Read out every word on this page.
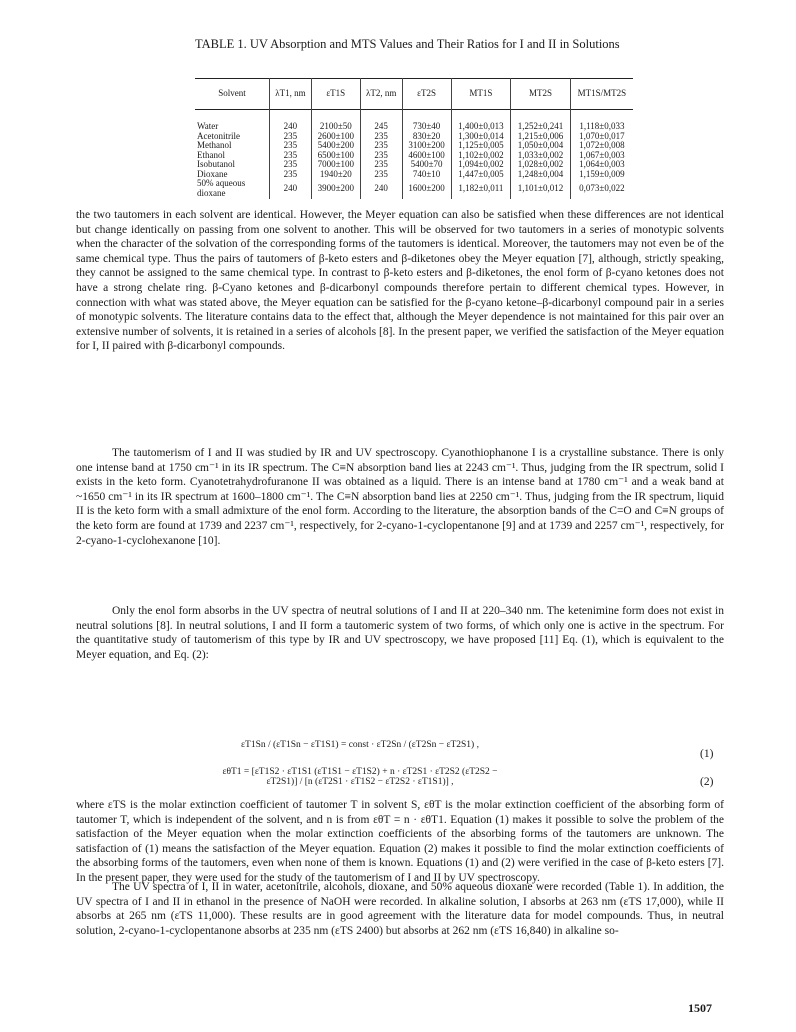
TABLE 1. UV Absorption and MTS Values and Their Ratios for I and II in Solutions
Solvent	λT1, nm	εT1S	λT2, nm	εT2S	MT1S	MT2S	MT1S/MT2S
Water	240	2100±50	245	730±40	1,400±0,013	1,252±0,241	1,118±0,033
Acetonitrile	235	2600±100	235	830±20	1,300±0,014	1,215±0,006	1,070±0,017
Methanol	235	5400±200	235	3100±200	1,125±0,005	1,050±0,004	1,072±0,008
Ethanol	235	6500±100	235	4600±100	1,102±0,002	1,033±0,002	1,067±0,003
Isobutanol	235	7000±100	235	5400±70	1,094±0,002	1,028±0,002	1,064±0,003
Dioxane	235	1940±20	235	740±10	1,447±0,005	1,248±0,004	1,159±0,009
50% aqueous dioxane	240	3900±200	240	1600±200	1,182±0,011	1,101±0,012	0,073±0,022
the two tautomers in each solvent are identical. However, the Meyer equation can also be satisfied when these differences are not identical but change identically on passing from one solvent to another. This will be observed for two tautomers in a series of monotypic solvents when the character of the solvation of the corresponding forms of the tautomers is identical. Moreover, the tautomers may not even be of the same chemical type. Thus the pairs of tautomers of β-keto esters and β-diketones obey the Meyer equation [7], although, strictly speaking, they cannot be assigned to the same chemical type. In contrast to β-keto esters and β-diketones, the enol form of β-cyano ketones does not have a strong chelate ring. β-Cyano ketones and β-dicarbonyl compounds therefore pertain to different chemical types. However, in connection with what was stated above, the Meyer equation can be satisfied for the β-cyano ketone–β-dicarbonyl compound pair in a series of monotypic solvents. The literature contains data to the effect that, although the Meyer dependence is not maintained for this pair over an extensive number of solvents, it is retained in a series of alcohols [8]. In the present paper, we verified the satisfaction of the Meyer equation for I, II paired with β-dicarbonyl compounds.
The tautomerism of I and II was studied by IR and UV spectroscopy. Cyanothiophanone I is a crystalline substance. There is only one intense band at 1750 cm⁻¹ in its IR spectrum. The C≡N absorption band lies at 2243 cm⁻¹. Thus, judging from the IR spectrum, solid I exists in the keto form. Cyanotetrahydrofuranone II was obtained as a liquid. There is an intense band at 1780 cm⁻¹ and a weak band at ~1650 cm⁻¹ in its IR spectrum at 1600–1800 cm⁻¹. The C≡N absorption band lies at 2250 cm⁻¹. Thus, judging from the IR spectrum, liquid II is the keto form with a small admixture of the enol form. According to the literature, the absorption bands of the C=O and C≡N groups of the keto form are found at 1739 and 2237 cm⁻¹, respectively, for 2-cyano-1-cyclopentanone [9] and at 1739 and 2257 cm⁻¹, respectively, for 2-cyano-1-cyclohexanone [10].
Only the enol form absorbs in the UV spectra of neutral solutions of I and II at 220–340 nm. The ketenimine form does not exist in neutral solutions [8]. In neutral solutions, I and II form a tautomeric system of two forms, of which only one is active in the spectrum. For the quantitative study of tautomerism of this type by IR and UV spectroscopy, we have proposed [11] Eq. (1), which is equivalent to the Meyer equation, and Eq. (2):
εT1Sn / (εT1Sn − εT1S1) = const · εT2Sn / (εT2Sn − εT2S1) ,
(1)
εθT1 = [εT1S2 · εT1S1 (εT1S1 − εT1S2) + n · εT2S1 · εT2S2 (εT2S2 − εT2S1)] / [n (εT2S1 · εT1S2 − εT2S2 · εT1S1)] ,	(2)
where εTS is the molar extinction coefficient of tautomer T in solvent S, εθT is the molar extinction coefficient of the absorbing form of tautomer T, which is independent of the solvent, and n is from εθT = n · εθT1. Equation (1) makes it possible to solve the problem of the satisfaction of the Meyer equation when the molar extinction coefficients of the absorbing forms of the tautomers are unknown. The satisfaction of (1) means the satisfaction of the Meyer equation. Equation (2) makes it possible to find the molar extinction coefficients of the absorbing forms of the tautomers, even when none of them is known. Equations (1) and (2) were verified in the case of β-keto esters [7]. In the present paper, they were used for the study of the tautomerism of I and II by UV spectroscopy.
The UV spectra of I, II in water, acetonitrile, alcohols, dioxane, and 50% aqueous dioxane were recorded (Table 1). In addition, the UV spectra of I and II in ethanol in the presence of NaOH were recorded. In alkaline solution, I absorbs at 263 nm (εTS 17,000), while II absorbs at 265 nm (εTS 11,000). These results are in good agreement with the literature data for model compounds. Thus, in neutral solution, 2-cyano-1-cyclopentanone absorbs at 235 nm (εTS 2400) but absorbs at 262 nm (εTS 16,840) in alkaline so-
1507
